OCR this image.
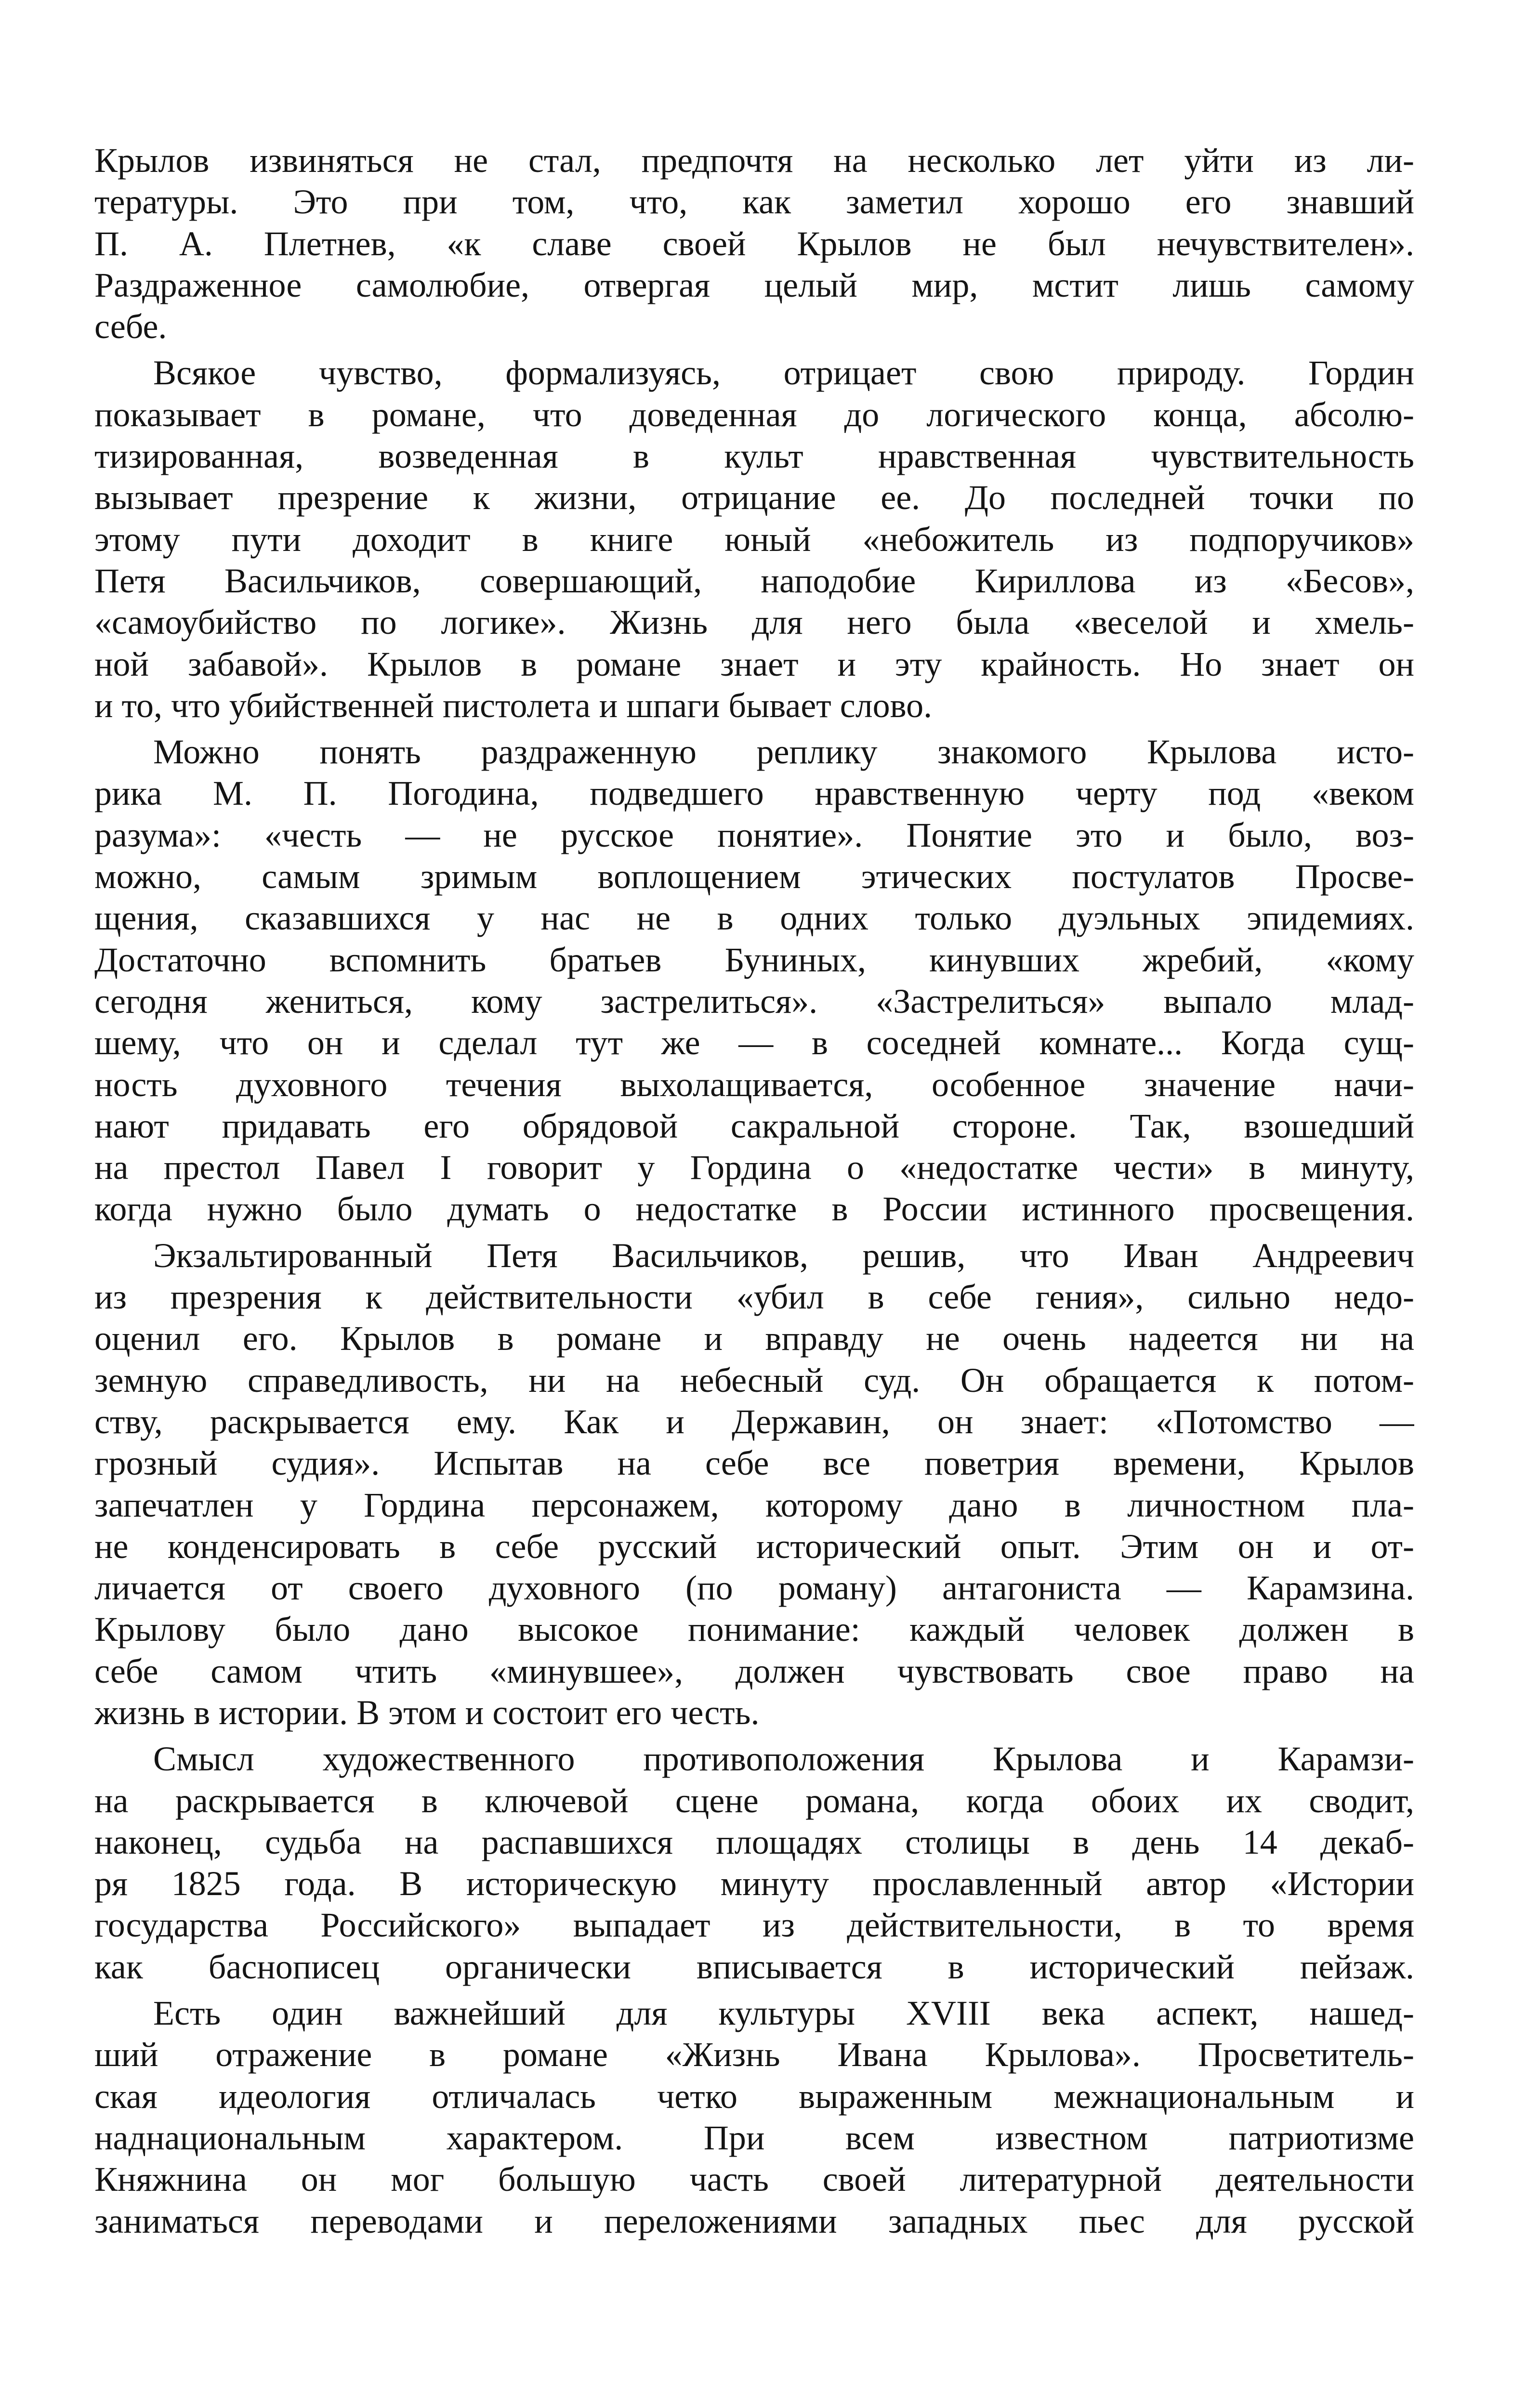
Крылов извиняться не стал, предпочтя на несколько лет уйти из ли-
тературы. Это при том, что, как заметил хорошо его знавший
П. А. Плетнев, «к славе своей Крылов не был нечувствителен».
Раздраженное самолюбие, отвергая целый мир, мстит лишь самому
себе.
Всякое чувство, формализуясь, отрицает свою природу. Гордин
показывает в романе, что доведенная до логического конца, абсолю-
тизированная, возведенная в культ нравственная чувствительность
вызывает презрение к жизни, отрицание ее. До последней точки по
этому пути доходит в книге юный «небожитель из подпоручиков»
Петя Васильчиков, совершающий, наподобие Кириллова из «Бесов»,
«самоубийство по логике». Жизнь для него была «веселой и хмель-
ной забавой». Крылов в романе знает и эту крайность. Но знает он
и то, что убийственней пистолета и шпаги бывает слово.
Можно понять раздраженную реплику знакомого Крылова исто-
рика М. П. Погодина, подведшего нравственную черту под «веком
разума»: «честь — не русское понятие». Понятие это и было, воз-
можно, самым зримым воплощением этических постулатов Просве-
щения, сказавшихся у нас не в одних только дуэльных эпидемиях.
Достаточно вспомнить братьев Буниных, кинувших жребий, «кому
сегодня жениться, кому застрелиться». «Застрелиться» выпало млад-
шему, что он и сделал тут же — в соседней комнате... Когда сущ-
ность духовного течения выхолащивается, особенное значение начи-
нают придавать его обрядовой сакральной стороне. Так, взошедший
на престол Павел I говорит у Гордина о «недостатке чести» в минуту,
когда нужно было думать о недостатке в России истинного просвещения.
Экзальтированный Петя Васильчиков, решив, что Иван Андреевич
из презрения к действительности «убил в себе гения», сильно недо-
оценил его. Крылов в романе и вправду не очень надеется ни на
земную справедливость, ни на небесный суд. Он обращается к потом-
ству, раскрывается ему. Как и Державин, он знает: «Потомство —
грозный судия». Испытав на себе все поветрия времени, Крылов
запечатлен у Гордина персонажем, которому дано в личностном пла-
не конденсировать в себе русский исторический опыт. Этим он и от-
личается от своего духовного (по роману) антагониста — Карамзина.
Крылову было дано высокое понимание: каждый человек должен в
себе самом чтить «минувшее», должен чувствовать свое право на
жизнь в истории. В этом и состоит его честь.
Смысл художественного противоположения Крылова и Карамзи-
на раскрывается в ключевой сцене романа, когда обоих их сводит,
наконец, судьба на распавшихся площадях столицы в день 14 декаб-
ря 1825 года. В историческую минуту прославленный автор «Истории
государства Российского» выпадает из действительности, в то время
как баснописец органически вписывается в исторический пейзаж.
Есть один важнейший для культуры XVIII века аспект, нашед-
ший отражение в романе «Жизнь Ивана Крылова». Просветитель-
ская идеология отличалась четко выраженным межнациональным и
наднациональным характером. При всем известном патриотизме
Княжнина он мог большую часть своей литературной деятельности
заниматься переводами и переложениями западных пьес для русской
